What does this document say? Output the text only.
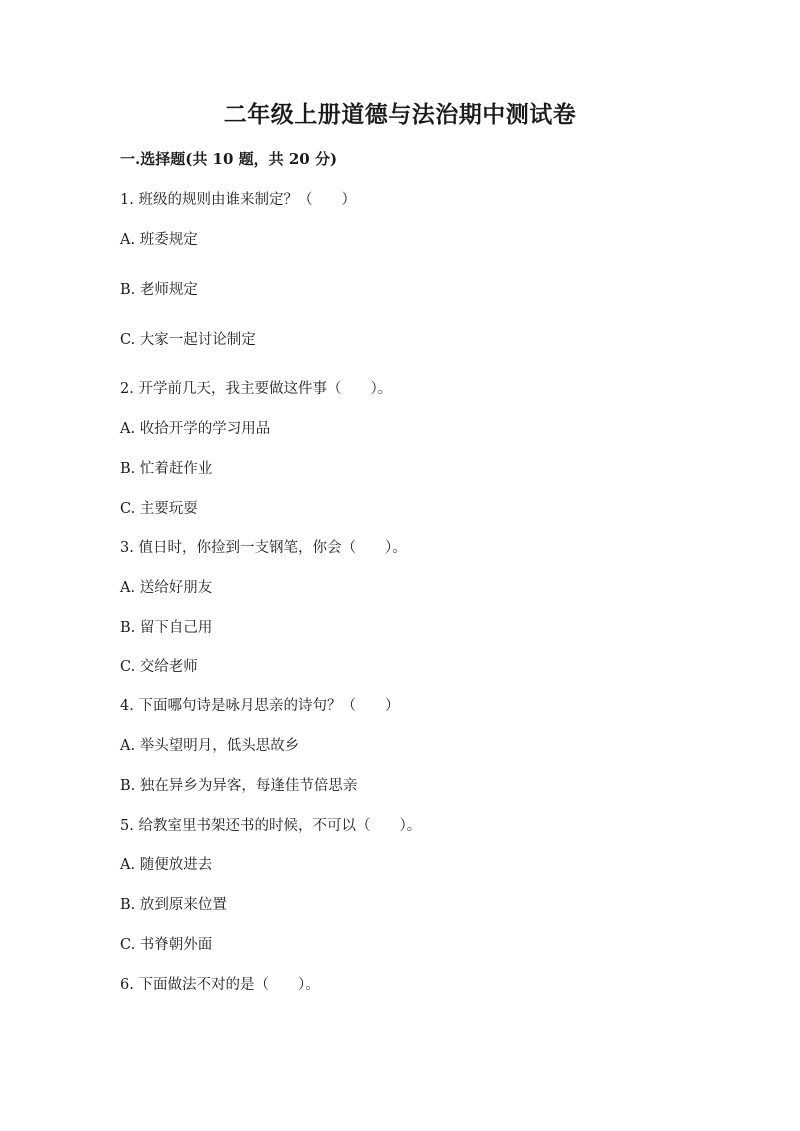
二年级上册道德与法治期中测试卷
一.选择题(共 10 题，共 20 分)
1. 班级的规则由谁来制定？（　　）
A. 班委规定
B. 老师规定
C. 大家一起讨论制定
2. 开学前几天，我主要做这件事（　　）。
A. 收拾开学的学习用品
B. 忙着赶作业
C. 主要玩耍
3. 值日时，你捡到一支钢笔，你会（　　）。
A. 送给好朋友
B. 留下自己用
C. 交给老师
4. 下面哪句诗是咏月思亲的诗句？（　　）
A. 举头望明月，低头思故乡
B. 独在异乡为异客，每逢佳节倍思亲
5. 给教室里书架还书的时候，不可以（　　）。
A. 随便放进去
B. 放到原来位置
C. 书脊朝外面
6. 下面做法不对的是（　　）。
